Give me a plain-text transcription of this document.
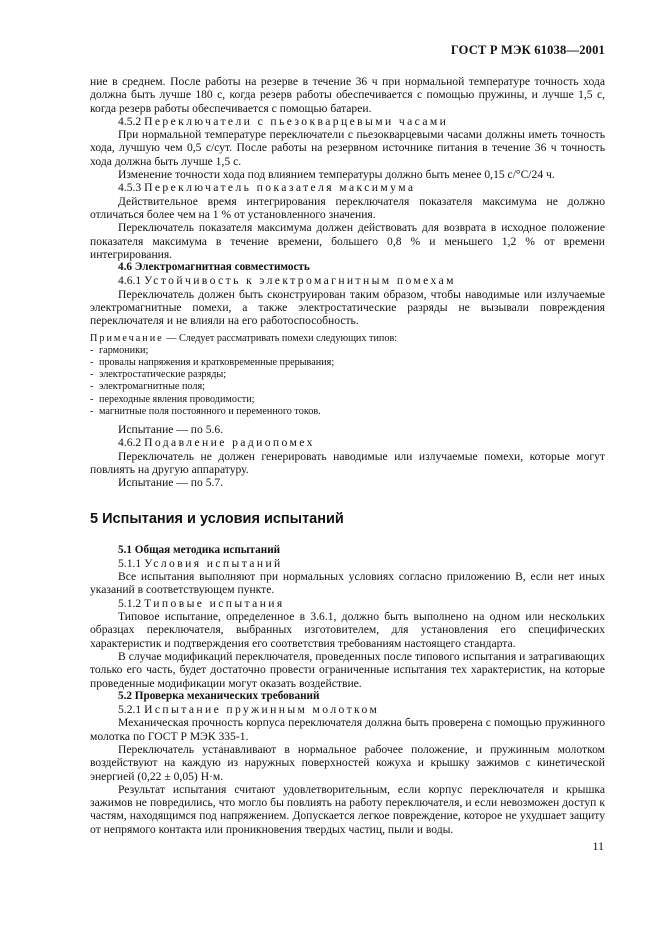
ГОСТ Р МЭК 61038—2001

ние в среднем. После работы на резерве в течение 36 ч при нормальной температуре точность хода должна быть лучше 180 с, когда резерв работы обеспечивается с помощью пружины, и лучше 1,5 с, когда резерв работы обеспечивается с помощью батареи.

4.5.2 Переключатели с пьезокварцевыми часами

При нормальной температуре переключатели с пьезокварцевыми часами должны иметь точность хода, лучшую чем 0,5 с/сут. После работы на резервном источнике питания в течение 36 ч точность хода должна быть лучше 1,5 с.

Изменение точности хода под влиянием температуры должно быть менее 0,15 с/°С/24 ч.

4.5.3 Переключатель показателя максимума

Действительное время интегрирования переключателя показателя максимума не должно отличаться более чем на 1 % от установленного значения.

Переключатель показателя максимума должен действовать для возврата в исходное положение показателя максимума в течение времени, большего 0,8 % и меньшего 1,2 % от времени интегрирования.

4.6 Электромагнитная совместимость

4.6.1 Устойчивость к электромагнитным помехам

Переключатель должен быть сконструирован таким образом, чтобы наводимые или излучаемые электромагнитные помехи, а также электростатические разряды не вызывали повреждения переключателя и не влияли на его работоспособность.

Примечание — Следует рассматривать помехи следующих типов:

- гармоники;

- провалы напряжения и кратковременные прерывания;

- электростатические разряды;

- электромагнитные поля;

- переходные явления проводимости;

- магнитные поля постоянного и переменного токов.

Испытание — по 5.6.

4.6.2 Подавление радиопомех

Переключатель не должен генерировать наводимые или излучаемые помехи, которые могут повлиять на другую аппаратуру.

Испытание — по 5.7.

5 Испытания и условия испытаний

5.1 Общая методика испытаний

5.1.1 Условия испытаний

Все испытания выполняют при нормальных условиях согласно приложению В, если нет иных указаний в соответствующем пункте.

5.1.2 Типовые испытания

Типовое испытание, определенное в 3.6.1, должно быть выполнено на одном или нескольких образцах переключателя, выбранных изготовителем, для установления его специфических характеристик и подтверждения его соответствия требованиям настоящего стандарта.

В случае модификаций переключателя, проведенных после типового испытания и затрагивающих только его часть, будет достаточно провести ограниченные испытания тех характеристик, на которые проведенные модификации могут оказать воздействие.

5.2 Проверка механических требований

5.2.1 Испытание пружинным молотком

Механическая прочность корпуса переключателя должна быть проверена с помощью пружинного молотка по ГОСТ Р МЭК 335-1.

Переключатель устанавливают в нормальное рабочее положение, и пружинным молотком воздействуют на каждую из наружных поверхностей кожуха и крышку зажимов с кинетической энергией (0,22 ± 0,05) Н·м.

Результат испытания считают удовлетворительным, если корпус переключателя и крышка зажимов не повредились, что могло бы повлиять на работу переключателя, и если невозможен доступ к частям, находящимся под напряжением. Допускается легкое повреждение, которое не ухудшает защиту от непрямого контакта или проникновения твердых частиц, пыли и воды.

11
